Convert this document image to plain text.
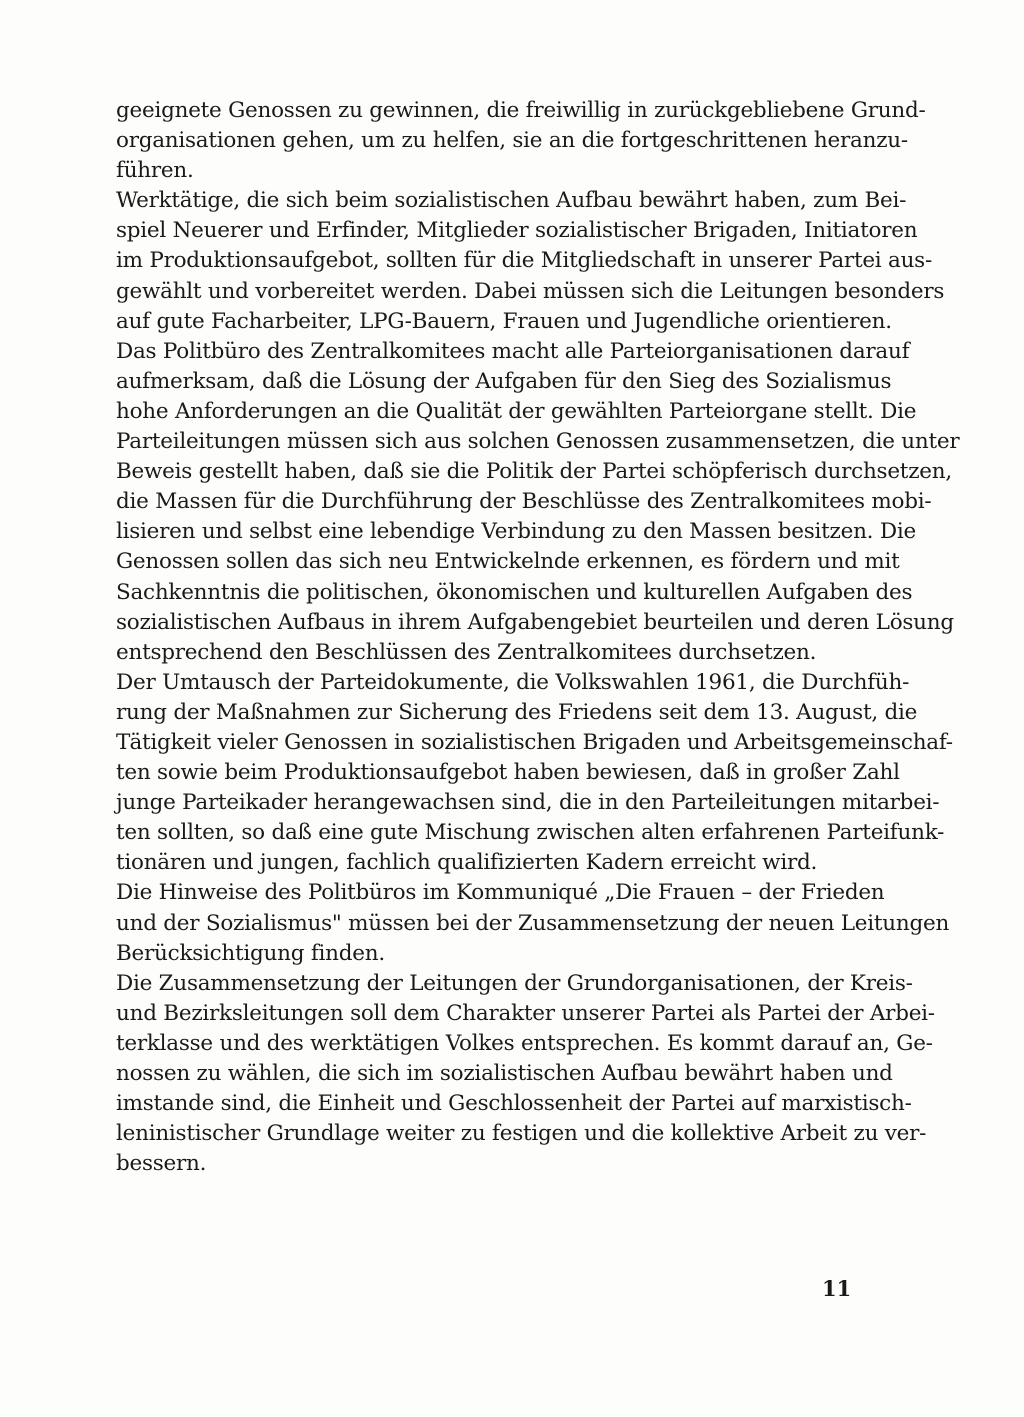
geeignete Genossen zu gewinnen, die freiwillig in zurückgebliebene Grund-
organisationen gehen, um zu helfen, sie an die fortgeschrittenen heranzu-
führen.
Werktätige, die sich beim sozialistischen Aufbau bewährt haben, zum Bei-
spiel Neuerer und Erfinder, Mitglieder sozialistischer Brigaden, Initiatoren
im Produktionsaufgebot, sollten für die Mitgliedschaft in unserer Partei aus-
gewählt und vorbereitet werden. Dabei müssen sich die Leitungen besonders
auf gute Facharbeiter, LPG-Bauern, Frauen und Jugendliche orientieren.
Das Politbüro des Zentralkomitees macht alle Parteiorganisationen darauf
aufmerksam, daß die Lösung der Aufgaben für den Sieg des Sozialismus
hohe Anforderungen an die Qualität der gewählten Parteiorgane stellt. Die
Parteileitungen müssen sich aus solchen Genossen zusammensetzen, die unter
Beweis gestellt haben, daß sie die Politik der Partei schöpferisch durchsetzen,
die Massen für die Durchführung der Beschlüsse des Zentralkomitees mobi-
lisieren und selbst eine lebendige Verbindung zu den Massen besitzen. Die
Genossen sollen das sich neu Entwickelnde erkennen, es fördern und mit
Sachkenntnis die politischen, ökonomischen und kulturellen Aufgaben des
sozialistischen Aufbaus in ihrem Aufgabengebiet beurteilen und deren Lösung
entsprechend den Beschlüssen des Zentralkomitees durchsetzen.
Der Umtausch der Parteidokumente, die Volkswahlen 1961, die Durchfüh-
rung der Maßnahmen zur Sicherung des Friedens seit dem 13. August, die
Tätigkeit vieler Genossen in sozialistischen Brigaden und Arbeitsgemeinschaf-
ten sowie beim Produktionsaufgebot haben bewiesen, daß in großer Zahl
junge Parteikader herangewachsen sind, die in den Parteileitungen mitarbei-
ten sollten, so daß eine gute Mischung zwischen alten erfahrenen Parteifunk-
tionären und jungen, fachlich qualifizierten Kadern erreicht wird.
Die Hinweise des Politbüros im Kommuniqué „Die Frauen – der Frieden
und der Sozialismus" müssen bei der Zusammensetzung der neuen Leitungen
Berücksichtigung finden.
Die Zusammensetzung der Leitungen der Grundorganisationen, der Kreis-
und Bezirksleitungen soll dem Charakter unserer Partei als Partei der Arbei-
terklasse und des werktätigen Volkes entsprechen. Es kommt darauf an, Ge-
nossen zu wählen, die sich im sozialistischen Aufbau bewährt haben und
imstande sind, die Einheit und Geschlossenheit der Partei auf marxistisch-
leninistischer Grundlage weiter zu festigen und die kollektive Arbeit zu ver-
bessern.
11
